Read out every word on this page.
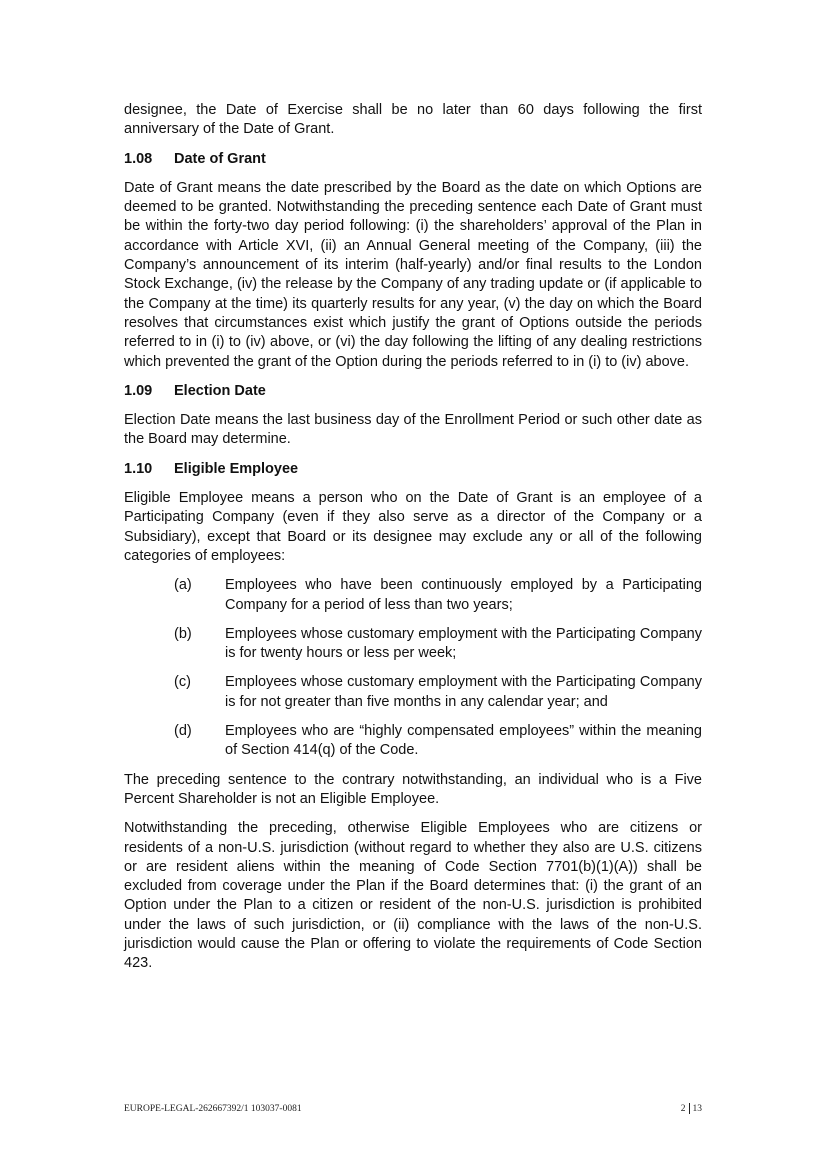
designee, the Date of Exercise shall be no later than 60 days following the first anniversary of the Date of Grant.

1.08	Date of Grant

Date of Grant means the date prescribed by the Board as the date on which Options are deemed to be granted. Notwithstanding the preceding sentence each Date of Grant must be within the forty-two day period following: (i) the shareholders’ approval of the Plan in accordance with Article XVI, (ii) an Annual General meeting of the Company, (iii) the Company’s announcement of its interim (half-yearly) and/or final results to the London Stock Exchange, (iv) the release by the Company of any trading update or (if applicable to the Company at the time) its quarterly results for any year, (v) the day on which the Board resolves that circumstances exist which justify the grant of Options outside the periods referred to in (i) to (iv) above, or (vi) the day following the lifting of any dealing restrictions which prevented the grant of the Option during the periods referred to in (i) to (iv) above.

1.09	Election Date

Election Date means the last business day of the Enrollment Period or such other date as the Board may determine.

1.10	Eligible Employee

Eligible Employee means a person who on the Date of Grant is an employee of a Participating Company (even if they also serve as a director of the Company or a Subsidiary), except that Board or its designee may exclude any or all of the following categories of employees:

(a)	Employees who have been continuously employed by a Participating Company for a period of less than two years;
(b)	Employees whose customary employment with the Participating Company is for twenty hours or less per week;
(c)	Employees whose customary employment with the Participating Company is for not greater than five months in any calendar year; and
(d)	Employees who are “highly compensated employees” within the meaning of Section 414(q) of the Code.

The preceding sentence to the contrary notwithstanding, an individual who is a Five Percent Shareholder is not an Eligible Employee.

Notwithstanding the preceding, otherwise Eligible Employees who are citizens or residents of a non-U.S. jurisdiction (without regard to whether they also are U.S. citizens or are resident aliens within the meaning of Code Section 7701(b)(1)(A)) shall be excluded from coverage under the Plan if the Board determines that: (i) the grant of an Option under the Plan to a citizen or resident of the non-U.S. jurisdiction is prohibited under the laws of such jurisdiction, or (ii) compliance with the laws of the non-U.S. jurisdiction would cause the Plan or offering to violate the requirements of Code Section 423.

EUROPE-LEGAL-262667392/1 103037-0081	2 13
